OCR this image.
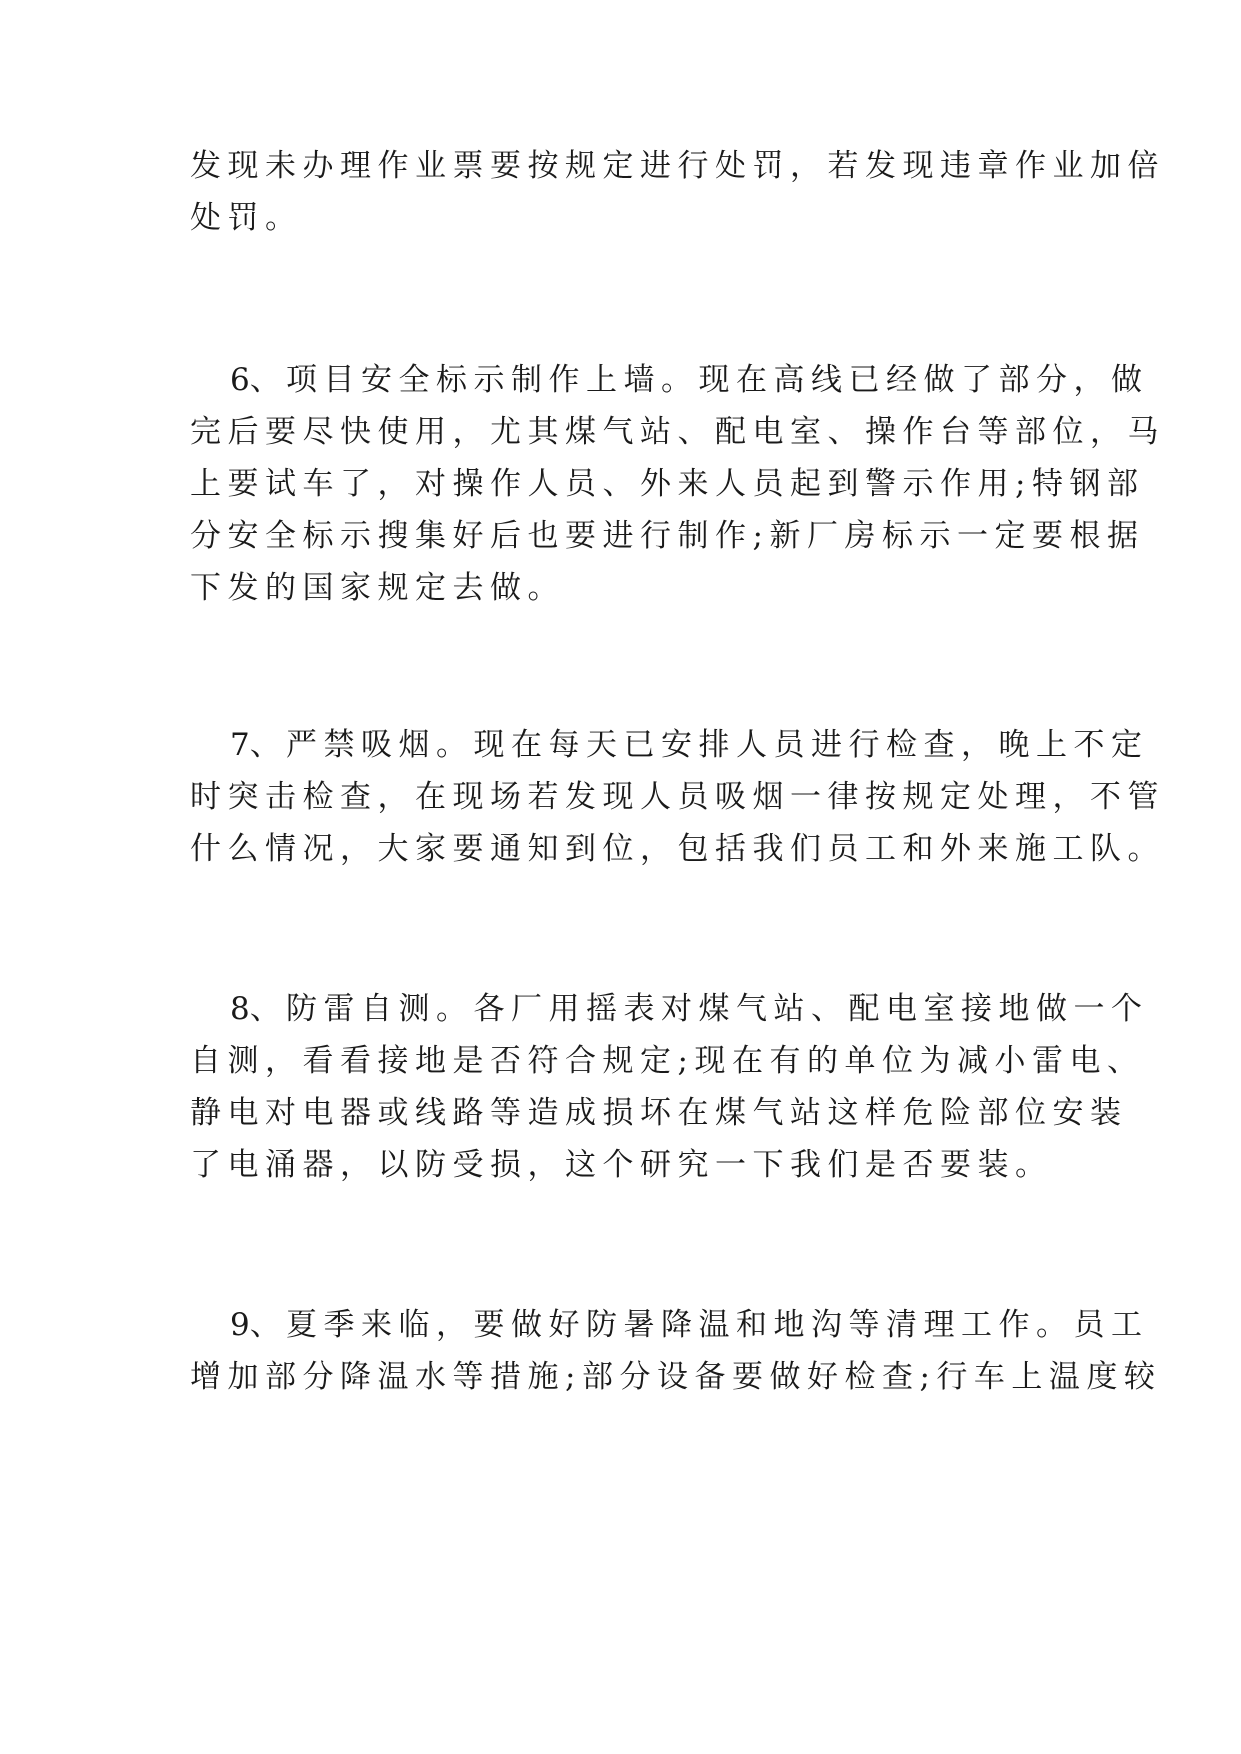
发现未办理作业票要按规定进行处罚，若发现违章作业加倍

处罚。

6、 项目安全标示制作上墙。现在高线已经做了部分，做

完后要尽快使用，尤其煤气站、配电室、操作台等部位，马

上要试车了，对操作人员、外来人员起到警示作用;特钢部

分安全标示搜集好后也要进行制作;新厂房标示一定要根据

下发的国家规定去做。

7、 严禁吸烟。现在每天已安排人员进行检查，晚上不定

时突击检查，在现场若发现人员吸烟一律按规定处理，不管

什么情况，大家要通知到位，包括我们员工和外来施工队。

8、 防雷自测。各厂用摇表对煤气站、配电室接地做一个

自测，看看接地是否符合规定;现在有的单位为减小雷电、

静电对电器或线路等造成损坏在煤气站这样危险部位安装

了电涌器，以防受损，这个研究一下我们是否要装。

9、 夏季来临，要做好防暑降温和地沟等清理工作。员工

增加部分降温水等措施;部分设备要做好检查;行车上温度较
